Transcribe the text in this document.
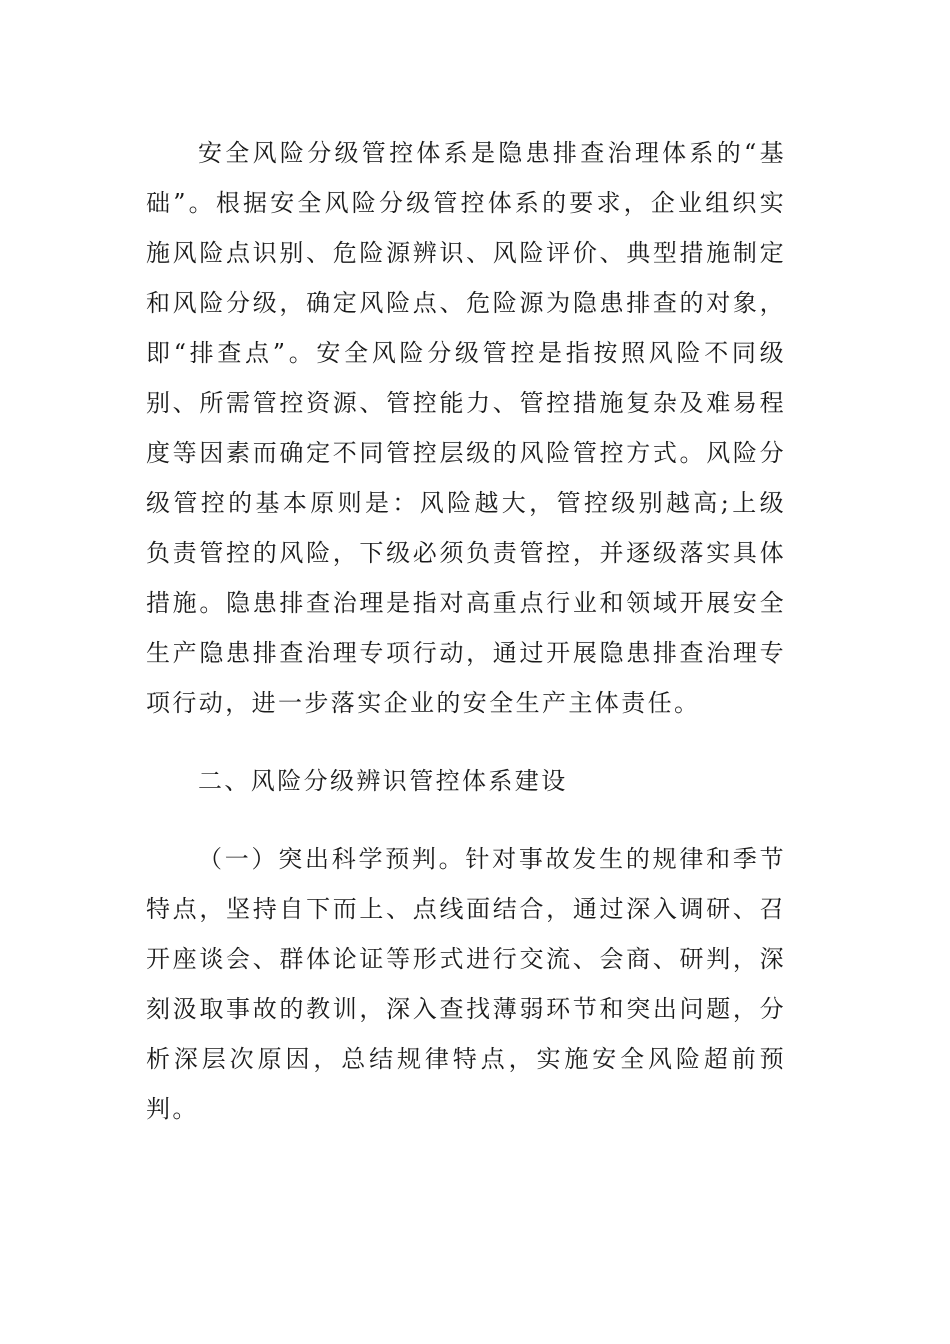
安全风险分级管控体系是隐患排查治理体系的“基础”。根据安全风险分级管控体系的要求，企业组织实施风险点识别、危险源辨识、风险评价、典型措施制定和风险分级，确定风险点、危险源为隐患排查的对象，即“排查点”。安全风险分级管控是指按照风险不同级别、所需管控资源、管控能力、管控措施复杂及难易程度等因素而确定不同管控层级的风险管控方式。风险分级管控的基本原则是：风险越大，管控级别越高;上级负责管控的风险，下级必须负责管控，并逐级落实具体措施。隐患排查治理是指对高重点行业和领域开展安全生产隐患排查治理专项行动，通过开展隐患排查治理专项行动，进一步落实企业的安全生产主体责任。

二、风险分级辨识管控体系建设

（一）突出科学预判。针对事故发生的规律和季节特点，坚持自下而上、点线面结合，通过深入调研、召开座谈会、群体论证等形式进行交流、会商、研判，深刻汲取事故的教训，深入查找薄弱环节和突出问题，分析深层次原因，总结规律特点，实施安全风险超前预判。
